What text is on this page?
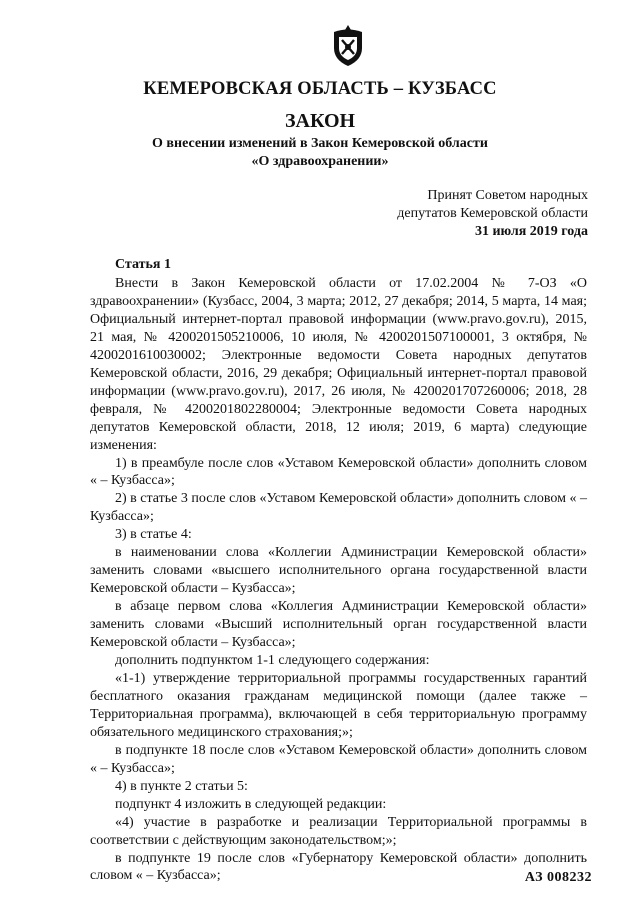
КЕМЕРОВСКАЯ ОБЛАСТЬ – КУЗБАСС
ЗАКОН
О внесении изменений в Закон Кемеровской области
«О здравоохранении»
Принят Советом народных
депутатов Кемеровской области
31 июля 2019 года
Статья 1

Внести в Закон Кемеровской области от 17.02.2004 № 7-ОЗ «О здравоохранении» (Кузбасс, 2004, 3 марта; 2012, 27 декабря; 2014, 5 марта, 14 мая; Официальный интернет-портал правовой информации (www.pravo.gov.ru), 2015, 21 мая, № 4200201505210006, 10 июля, № 4200201507100001, 3 октября, № 4200201610030002; Электронные ведомости Совета народных депутатов Кемеровской области, 2016, 29 декабря; Официальный интернет-портал правовой информации (www.pravo.gov.ru), 2017, 26 июля, № 4200201707260006; 2018, 28 февраля, № 4200201802280004; Электронные ведомости Совета народных депутатов Кемеровской области, 2018, 12 июля; 2019, 6 марта) следующие изменения:

1) в преамбуле после слов «Уставом Кемеровской области» дополнить словом « – Кузбасса»;

2) в статье 3 после слов «Уставом Кемеровской области» дополнить словом « – Кузбасса»;

3) в статье 4:

в наименовании слова «Коллегии Администрации Кемеровской области» заменить словами «высшего исполнительного органа государственной власти Кемеровской области – Кузбасса»;

в абзаце первом слова «Коллегия Администрации Кемеровской области» заменить словами «Высший исполнительный орган государственной власти Кемеровской области – Кузбасса»;

дополнить подпунктом 1-1 следующего содержания:

«1-1) утверждение территориальной программы государственных гарантий бесплатного оказания гражданам медицинской помощи (далее также – Территориальная программа), включающей в себя территориальную программу обязательного медицинского страхования;»;

в подпункте 18 после слов «Уставом Кемеровской области» дополнить словом « – Кузбасса»;

4) в пункте 2 статьи 5:

подпункт 4 изложить в следующей редакции:

«4) участие в разработке и реализации Территориальной программы в соответствии с действующим законодательством;»;

в подпункте 19 после слов «Губернатору Кемеровской области» дополнить словом « – Кузбасса»;	АЗ 008232
